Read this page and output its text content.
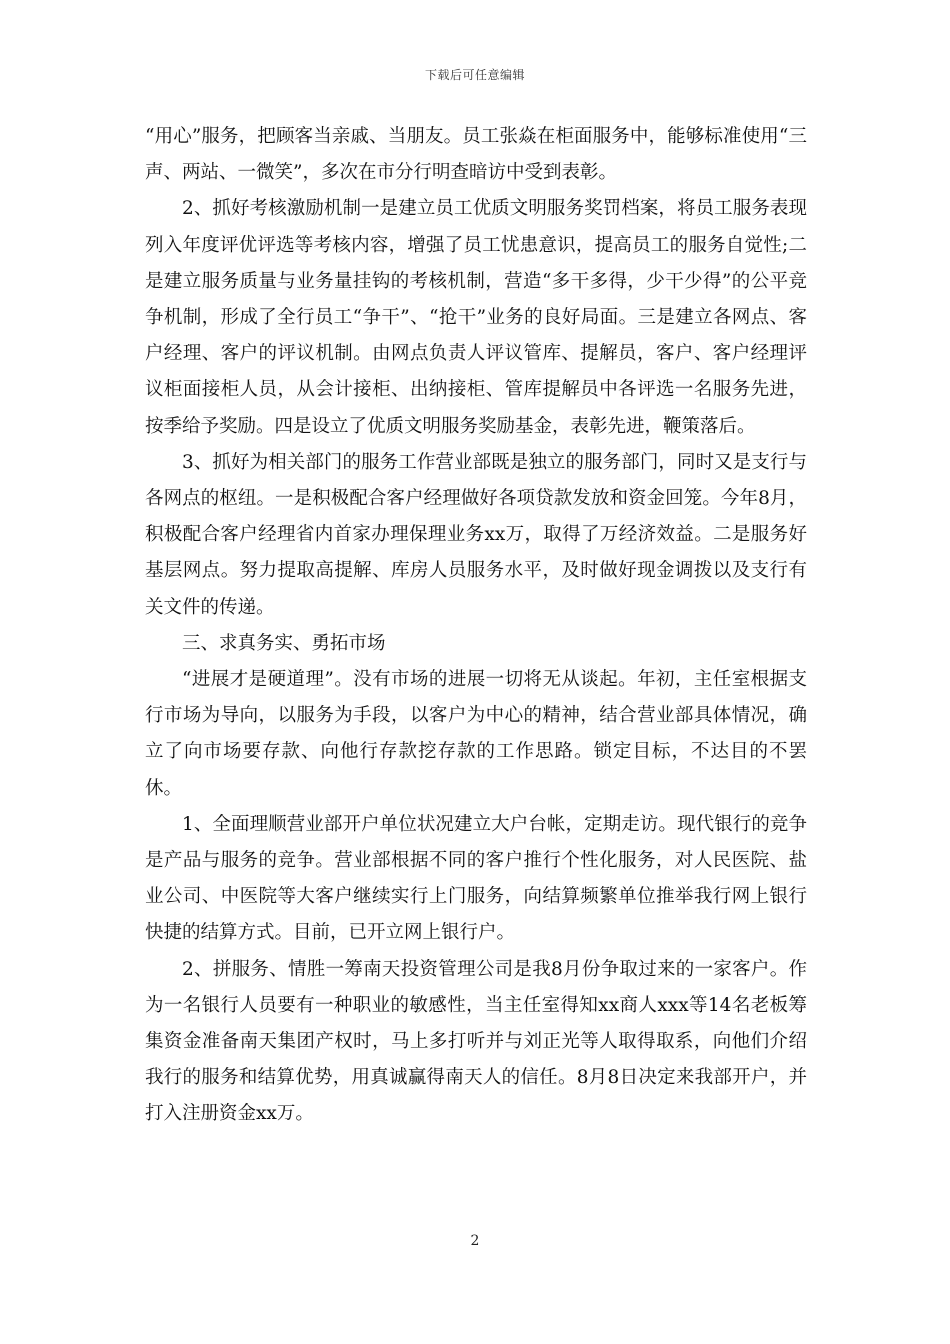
下载后可任意编辑

“用心”服务，把顾客当亲戚、当朋友。员工张焱在柜面服务中，能够标准使用“三声、两站、一微笑”，多次在市分行明查暗访中受到表彰。

2、抓好考核激励机制一是建立员工优质文明服务奖罚档案，将员工服务表现列入年度评优评选等考核内容，增强了员工忧患意识，提高员工的服务自觉性;二是建立服务质量与业务量挂钩的考核机制，营造“多干多得，少干少得”的公平竞争机制，形成了全行员工“争干”、“抢干”业务的良好局面。三是建立各网点、客户经理、客户的评议机制。由网点负责人评议管库、提解员，客户、客户经理评议柜面接柜人员，从会计接柜、出纳接柜、管库提解员中各评选一名服务先进，按季给予奖励。四是设立了优质文明服务奖励基金，表彰先进，鞭策落后。

3、抓好为相关部门的服务工作营业部既是独立的服务部门，同时又是支行与各网点的枢纽。一是积极配合客户经理做好各项贷款发放和资金回笼。今年8月，积极配合客户经理省内首家办理保理业务xx万，取得了万经济效益。二是服务好基层网点。努力提取高提解、库房人员服务水平，及时做好现金调拨以及支行有关文件的传递。

三、求真务实、勇拓市场

“进展才是硬道理”。没有市场的进展一切将无从谈起。年初，主任室根据支行市场为导向，以服务为手段，以客户为中心的精神，结合营业部具体情况，确立了向市场要存款、向他行存款挖存款的工作思路。锁定目标，不达目的不罢休。

1、全面理顺营业部开户单位状况建立大户台帐，定期走访。现代银行的竞争是产品与服务的竞争。营业部根据不同的客户推行个性化服务，对人民医院、盐业公司、中医院等大客户继续实行上门服务，向结算频繁单位推举我行网上银行快捷的结算方式。目前，已开立网上银行户。

2、拼服务、情胜一筹南天投资管理公司是我8月份争取过来的一家客户。作为一名银行人员要有一种职业的敏感性，当主任室得知xx商人xxx等14名老板筹集资金准备南天集团产权时，马上多打听并与刘正光等人取得取系，向他们介绍我行的服务和结算优势，用真诚赢得南天人的信任。8月8日决定来我部开户，并打入注册资金xx万。

2
